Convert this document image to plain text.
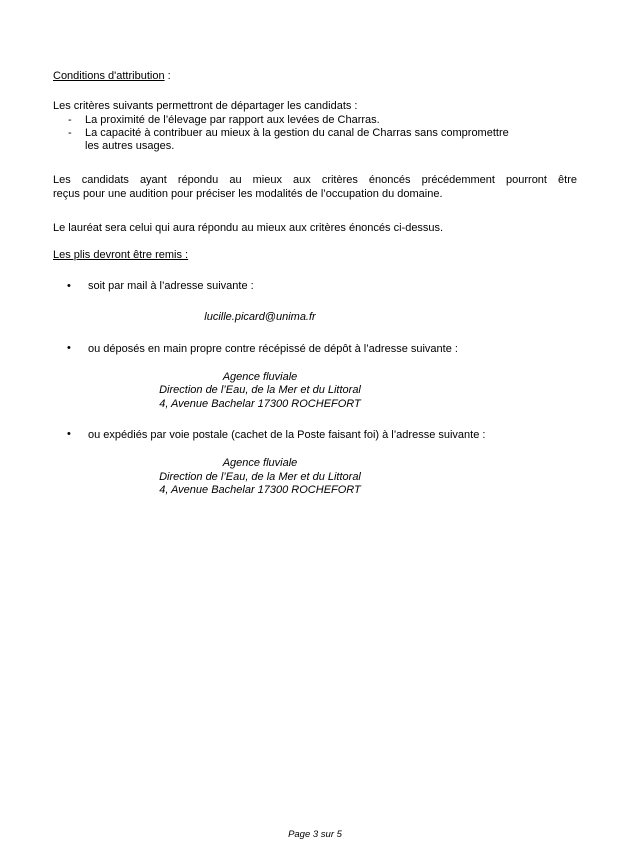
Conditions d'attribution :

Les critères suivants permettront de départager les candidats :

- La proximité de l’élevage par rapport aux levées de Charras.
- La capacité à contribuer au mieux à la gestion du canal de Charras sans compromettre
les autres usages.
Les candidats ayant répondu au mieux aux critères énoncés précédemment pourront être
reçus pour une audition pour préciser les modalités de l’occupation du domaine.

Le lauréat sera celui qui aura répondu au mieux aux critères énoncés ci-dessus.

Les plis devront être remis :

• soit par mail à l’adresse suivante :
lucille.picard@unima.fr
• ou déposés en main propre contre récépissé de dépôt à l’adresse suivante :
Agence fluviale
Direction de l’Eau, de la Mer et du Littoral
4, Avenue Bachelar 17300 ROCHEFORT
• ou expédiés par voie postale (cachet de la Poste faisant foi) à l’adresse suivante :
Agence fluviale
Direction de l’Eau, de la Mer et du Littoral
4, Avenue Bachelar 17300 ROCHEFORT
Page 3 sur 5
